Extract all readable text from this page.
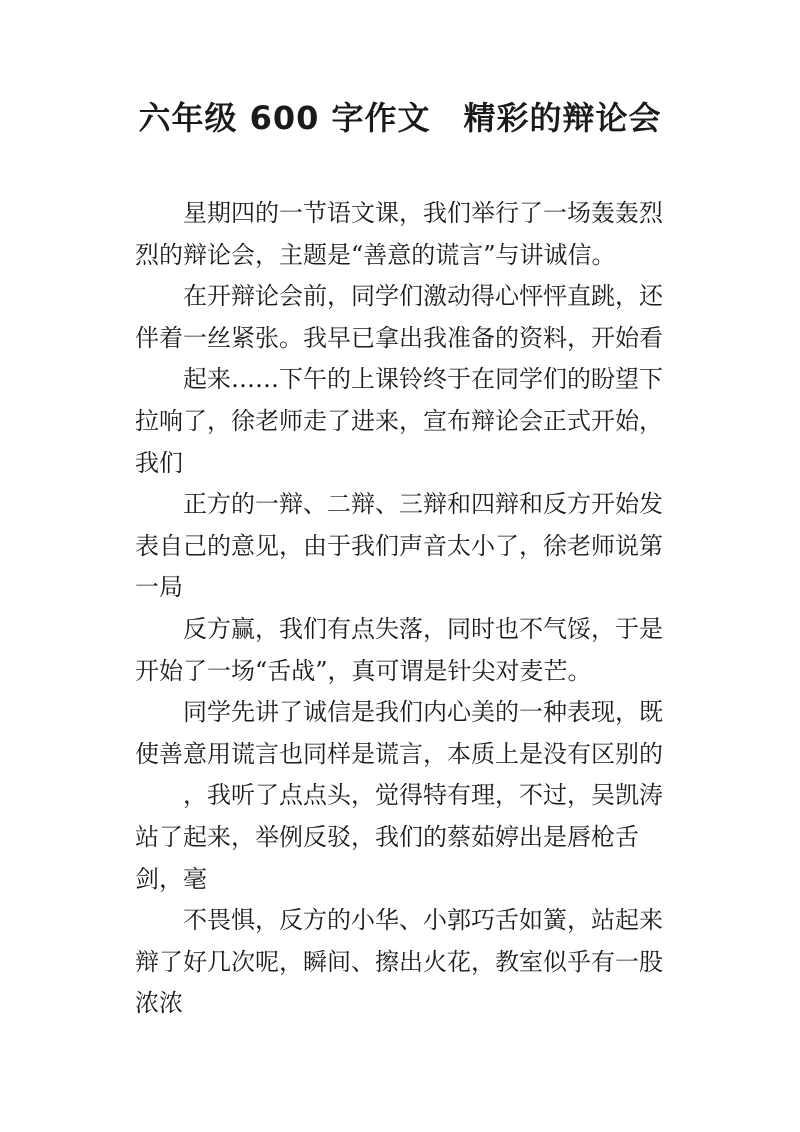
六年级 600 字作文　精彩的辩论会

星期四的一节语文课，我们举行了一场轰轰烈烈的辩论会，主题是“善意的谎言”与讲诚信。

在开辩论会前，同学们激动得心怦怦直跳，还伴着一丝紧张。我早已拿出我准备的资料，开始看

起来……下午的上课铃终于在同学们的盼望下拉响了，徐老师走了进来，宣布辩论会正式开始，我们

正方的一辩、二辩、三辩和四辩和反方开始发表自己的意见，由于我们声音太小了，徐老师说第一局

反方赢，我们有点失落，同时也不气馁，于是开始了一场“舌战”，真可谓是针尖对麦芒。

同学先讲了诚信是我们内心美的一种表现，既使善意用谎言也同样是谎言，本质上是没有区别的

，我听了点点头，觉得特有理，不过，吴凯涛站了起来，举例反驳，我们的蔡茹婷出是唇枪舌剑，毫

不畏惧，反方的小华、小郭巧舌如簧，站起来辩了好几次呢，瞬间、擦出火花，教室似乎有一股浓浓
